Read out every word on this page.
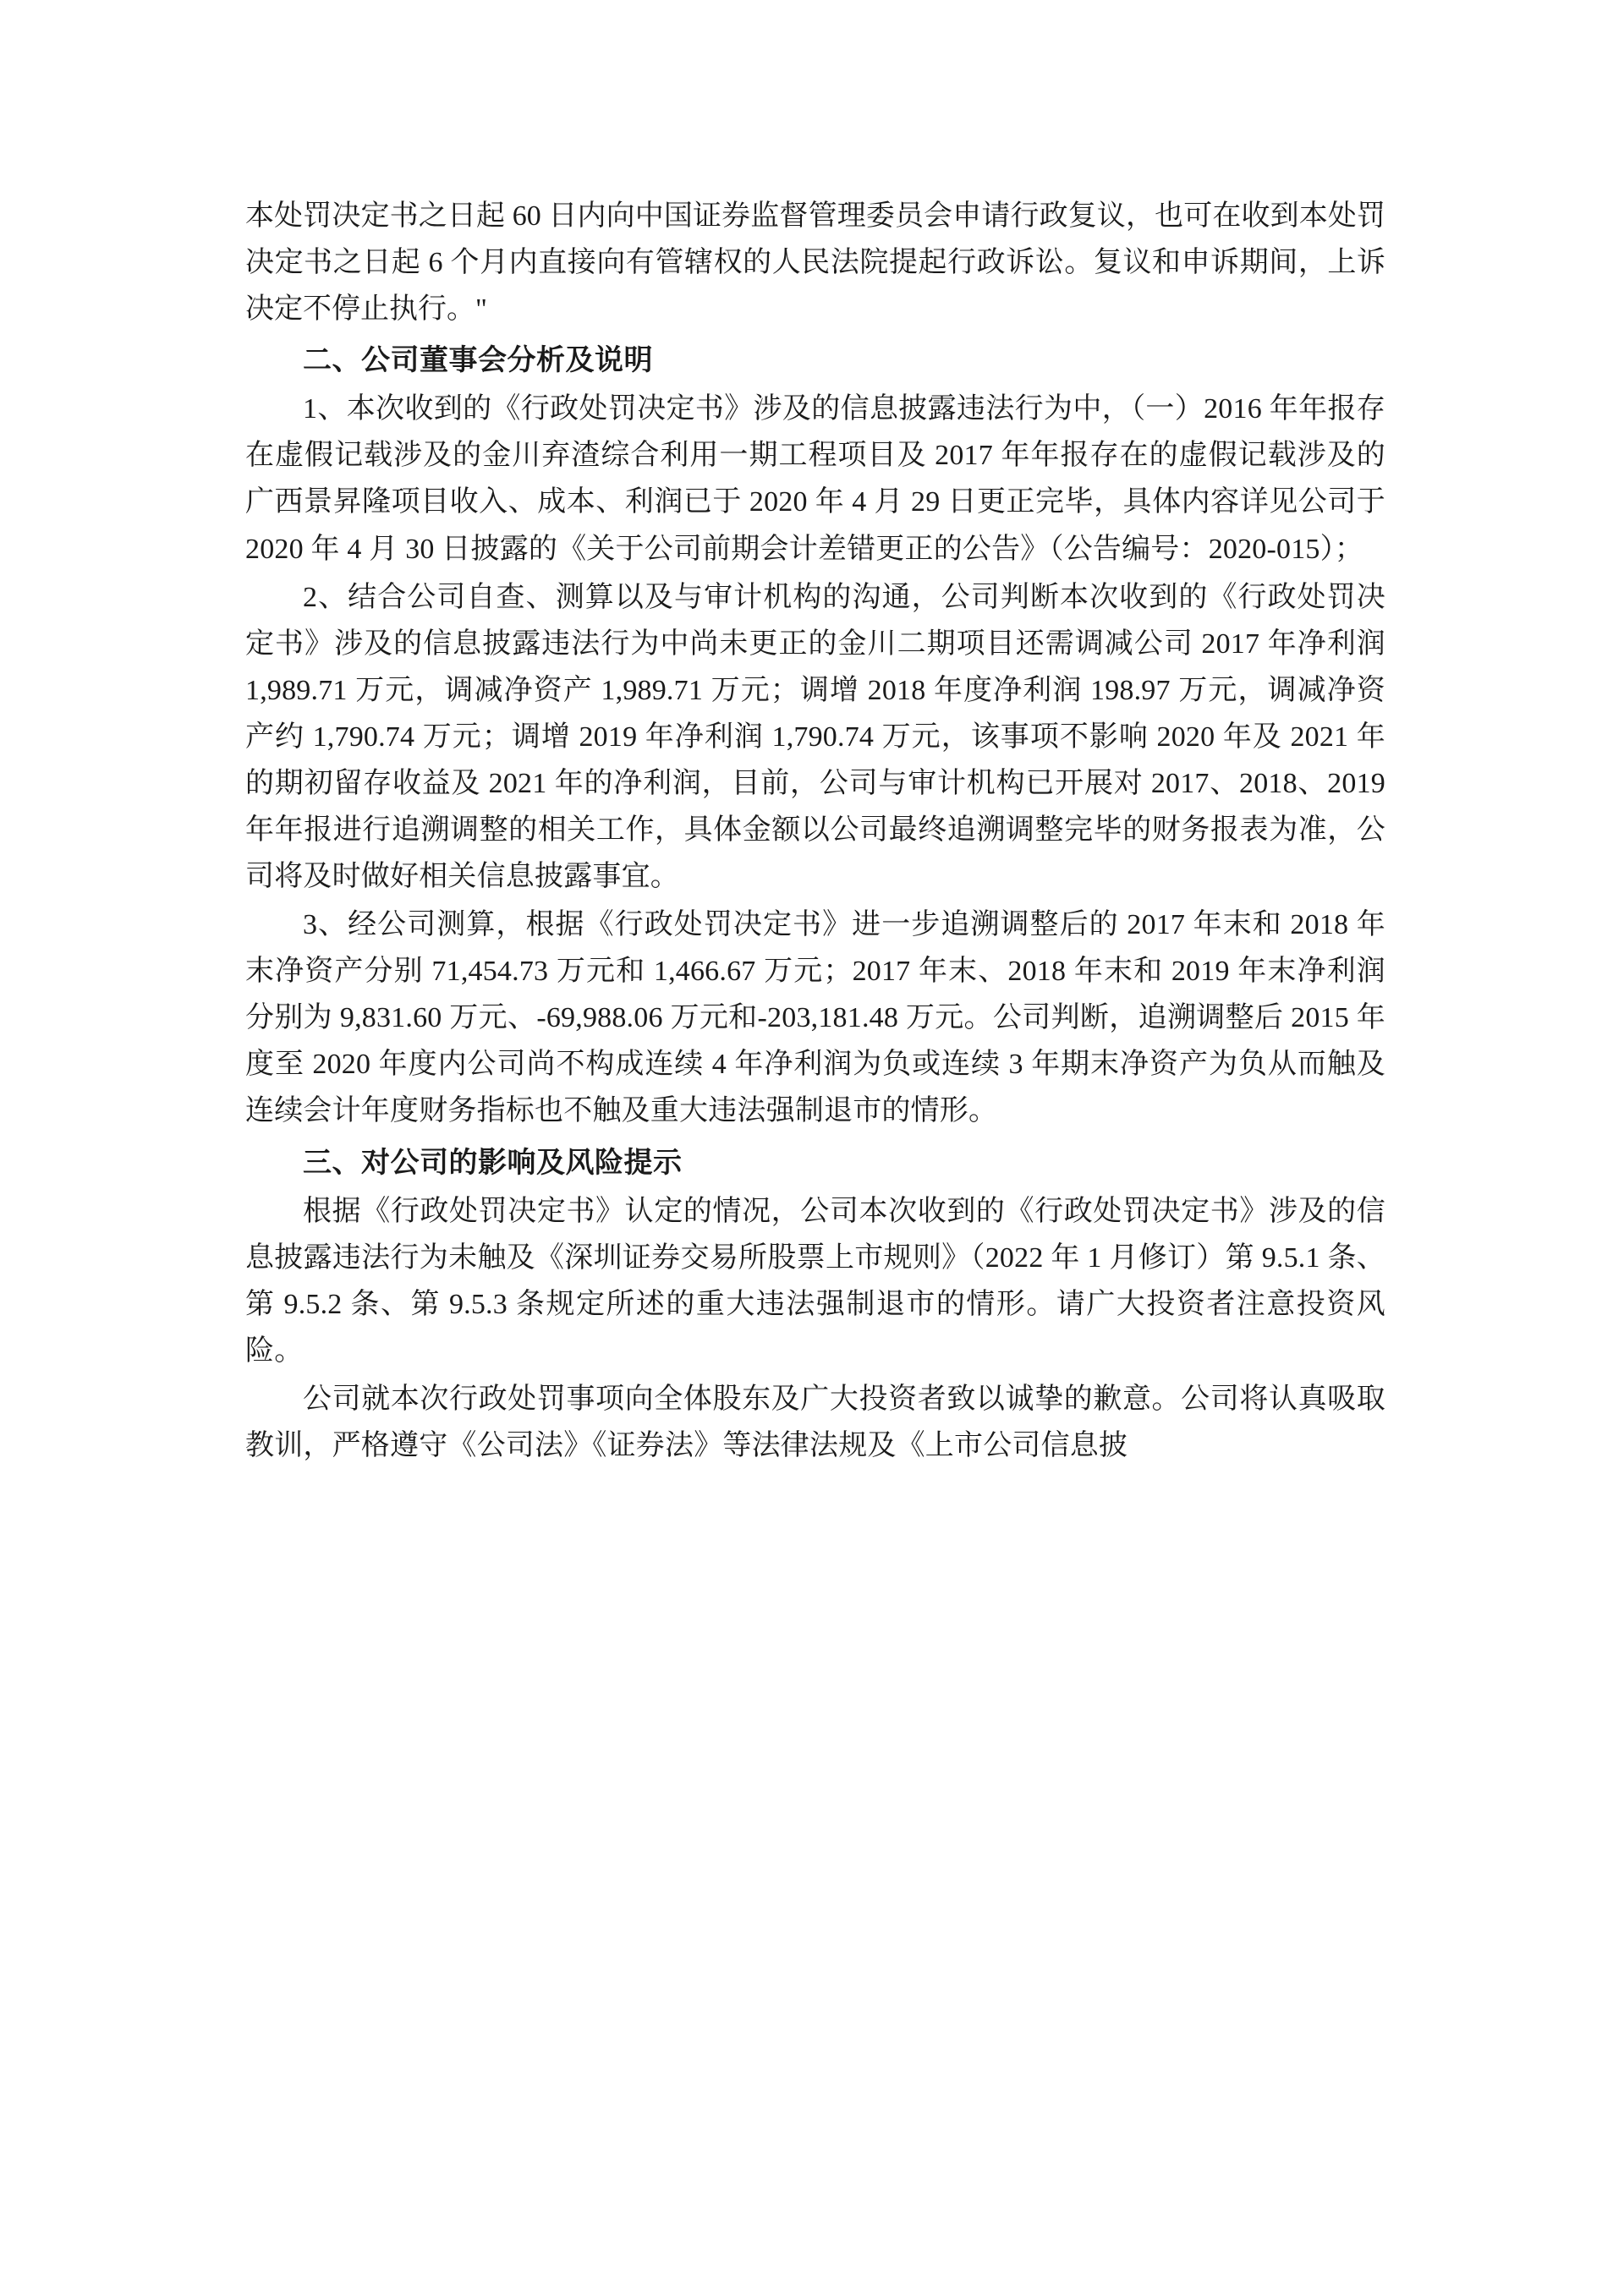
本处罚决定书之日起 60 日内向中国证券监督管理委员会申请行政复议，也可在收到本处罚决定书之日起 6 个月内直接向有管辖权的人民法院提起行政诉讼。复议和申诉期间，上诉决定不停止执行。"

二、公司董事会分析及说明

1、本次收到的《行政处罚决定书》涉及的信息披露违法行为中，（一）2016 年年报存在虚假记载涉及的金川弃渣综合利用一期工程项目及 2017 年年报存在的虚假记载涉及的广西景昇隆项目收入、成本、利润已于 2020 年 4 月 29 日更正完毕，具体内容详见公司于 2020 年 4 月 30 日披露的《关于公司前期会计差错更正的公告》（公告编号：2020-015）；

2、结合公司自查、测算以及与审计机构的沟通，公司判断本次收到的《行政处罚决定书》涉及的信息披露违法行为中尚未更正的金川二期项目还需调减公司 2017 年净利润 1,989.71 万元，调减净资产 1,989.71 万元；调增 2018 年度净利润 198.97 万元，调减净资产约 1,790.74 万元；调增 2019 年净利润 1,790.74 万元，该事项不影响 2020 年及 2021 年的期初留存收益及 2021 年的净利润，目前，公司与审计机构已开展对 2017、2018、2019 年年报进行追溯调整的相关工作，具体金额以公司最终追溯调整完毕的财务报表为准，公司将及时做好相关信息披露事宜。

3、经公司测算，根据《行政处罚决定书》进一步追溯调整后的 2017 年末和 2018 年末净资产分别 71,454.73 万元和 1,466.67 万元；2017 年末、2018 年末和 2019 年末净利润分别为 9,831.60 万元、-69,988.06 万元和-203,181.48 万元。公司判断，追溯调整后 2015 年度至 2020 年度内公司尚不构成连续 4 年净利润为负或连续 3 年期末净资产为负从而触及连续会计年度财务指标也不触及重大违法强制退市的情形。

三、对公司的影响及风险提示

根据《行政处罚决定书》认定的情况，公司本次收到的《行政处罚决定书》涉及的信息披露违法行为未触及《深圳证券交易所股票上市规则》（2022 年 1 月修订）第 9.5.1 条、第 9.5.2 条、第 9.5.3 条规定所述的重大违法强制退市的情形。请广大投资者注意投资风险。

公司就本次行政处罚事项向全体股东及广大投资者致以诚挚的歉意。公司将认真吸取教训，严格遵守《公司法》《证券法》等法律法规及《上市公司信息披
